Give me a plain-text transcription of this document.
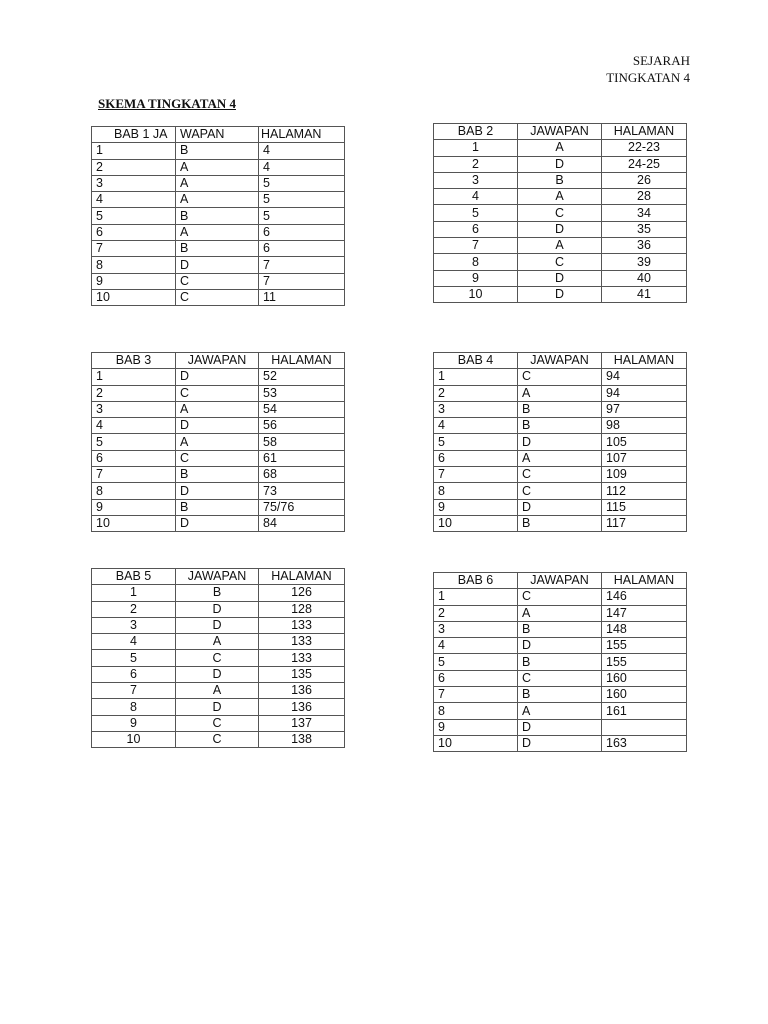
SEJARAH
TINGKATAN 4
SKEMA TINGKATAN 4
BAB 1 JA	WAPAN	HALAMAN
1	B	4
2	A	4
3	A	5
4	A	5
5	B	5
6	A	6
7	B	6
8	D	7
9	C	7
10	C	11
BAB 2	JAWAPAN	HALAMAN
1	A	22-23
2	D	24-25
3	B	26
4	A	28
5	C	34
6	D	35
7	A	36
8	C	39
9	D	40
10	D	41
BAB 3	JAWAPAN	HALAMAN
1	D	52
2	C	53
3	A	54
4	D	56
5	A	58
6	C	61
7	B	68
8	D	73
9	B	75/76
10	D	84
BAB 4	JAWAPAN	HALAMAN
1	C	94
2	A	94
3	B	97
4	B	98
5	D	105
6	A	107
7	C	109
8	C	112
9	D	115
10	B	117
BAB 5	JAWAPAN	HALAMAN
1	B	126
2	D	128
3	D	133
4	A	133
5	C	133
6	D	135
7	A	136
8	D	136
9	C	137
10	C	138
BAB 6	JAWAPAN	HALAMAN
1	C	146
2	A	147
3	B	148
4	D	155
5	B	155
6	C	160
7	B	160
8	A	161
9	D	
10	D	163
